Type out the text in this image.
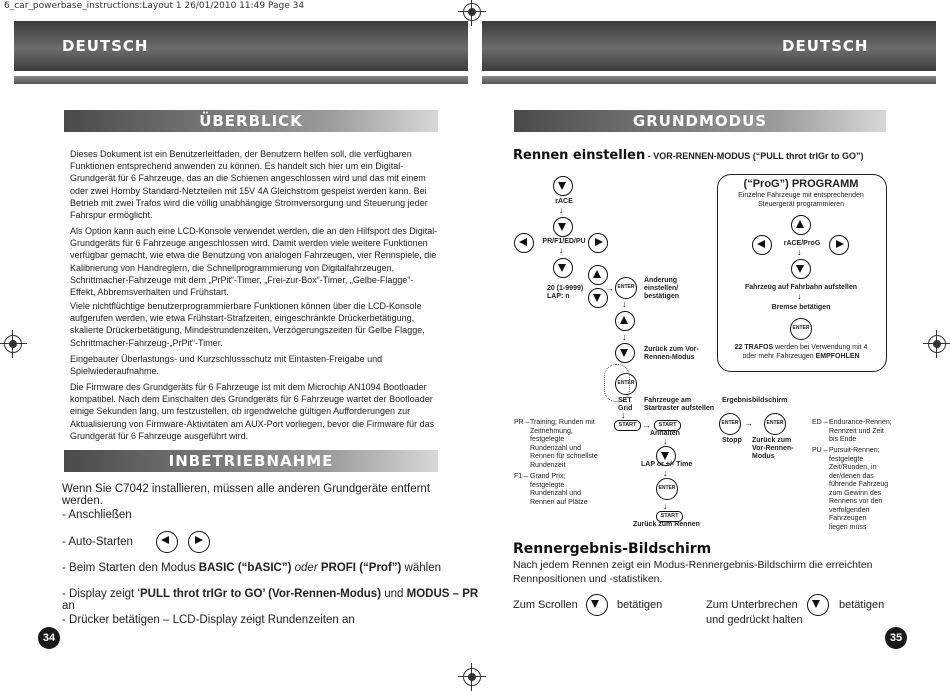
6_car_powerbase_instructions:Layout 1 26/01/2010 11:49 Page 34
DEUTSCH	DEUTSCH
ÜBERBLICK
Dieses Dokument ist ein Benutzerleitfaden, der Benutzern helfen soll, die verfügbaren Funktionen entsprechend anwenden zu können. Es handelt sich hier um ein Digital-Grundgerät für 6 Fahrzeuge, das an die Schienen angeschlossen wird und das mit einem oder zwei Hornby Standard-Netzteilen mit 15V 4A Gleichstrom gespeist werden kann. Bei Betrieb mit zwei Trafos wird die völlig unabhängige Stromversorgung und Steuerung jeder Fahrspur ermöglicht.
Als Option kann auch eine LCD-Konsole verwendet werden, die an den Hilfsport des Digital-Grundgeräts für 6 Fahrzeuge angeschlossen wird. Damit werden viele weitere Funktionen verfügbar gemacht, wie etwa die Benutzung von analogen Fahrzeugen, vier Rennspiele, die Kalibrierung von Handreglern, die Schnellprogrammierung von Digitalfahrzeugen, Schrittmacher-Fahrzeuge mit dem „PrPit“-Timer, „Frei-zur-Box“-Timer, „Gelbe-Flagge“-Effekt, Abbremsverhalten und Frühstart.
Viele nichtflüchtige benutzerprogrammierbare Funktionen können über die LCD-Konsole aufgerufen werden, wie etwa Frühstart-Strafzeiten, eingeschränkte Drückerbetätigung, skalierte Drückerbetätigung, Mindestrundenzeiten, Verzögerungszeiten für Gelbe Flagge, Schrittmacher-Fahrzeug-„PrPit“-Timer.
Eingebauter Überlastungs- und Kurzschlussschutz mit Eintasten-Freigabe und Spielwiederaufnahme.
Die Firmware des Grundgeräts für 6 Fahrzeuge ist mit dem Microchip AN1094 Bootloader kompatibel. Nach dem Einschalten des Grundgeräts für 6 Fahrzeuge wartet der Bootloader einige Sekunden lang, um festzustellen, ob irgendwelche gültigen Aufforderungen zur Aktualisierung von Firmware-Aktivitäten am AUX-Port vorliegen, bevor die Firmware für das Grundgerät für 6 Fahrzeuge ausgeführt wird.
INBETRIEBNAHME
Wenn Sie C7042 installieren, müssen alle anderen Grundgeräte entfernt werden.
- Anschließen
- Auto-Starten
- Beim Starten den Modus BASIC (“bASIC”) oder PROFI (“Prof”) wählen
- Display zeigt ‘PULL throt trIGr to GO’ (Vor-Rennen-Modus) und MODUS – PR an
- Drücker betätigen – LCD-Display zeigt Rundenzeiten an
34
GRUNDMODUS
Rennen einstellen - VOR-RENNEN-MODUS (“PULL throt trIGr to GO”)
rACE
↓
PR/F1/ED/PU
↓
20 (1-9999)
LAP: n
→ ENTER
Änderung
einstellen/
bestätigen
↓
↓
Zurück zum Vor-
Rennen-Modus
ENTER
SET
Grid
↓
Fahrzeuge am
Startraster aufstellen
START →	START
Anhalten
↓
LAP or +/- Time
↓
ENTER
↓
START
Zurück zum Rennen
Ergebnisbildschirm
ENTER →	ENTER
Stopp Zurück zum
Vor-Rennen-
Modus
PR – Training; Runden mit
Zeitnehmung,
festgelegte
Rundenzahl und
Rennen für schnellste
Rundenzeit
F1 – Grand Prix;
festgelegte
Rundenzahl und
Rennen auf Plätze
ED – Endurance-Rennen;
Rennzeit und Zeit
bis Ende
PU – Pursuit-Rennen;
festgelegte
Zeit/Runden, in
der/denen das
führende Fahrzeug
zum Gewinn des
Rennens vor den
verfolgenden
Fahrzeugen
liegen muss
(“ProG”) PROGRAMM
Einzelne Fahrzeuge mit entsprechenden
Steuergerät programmieren
rACE/ProG
↓
Fahrzeug auf Fahrbahn aufstellen
↓
Bremse betätigen
ENTER
22 TRAFOS werden bei Verwendung mit 4
oder mehr Fahrzeugen EMPFOHLEN
Rennergebnis-Bildschirm
Nach jedem Rennen zeigt ein Modus-Rennergebnis-Bildschirm die erreichten Rennpositionen und -statistiken.
Zum Scrollen	betätigen	Zum Unterbrechen
und gedrückt halten
betätigen
35
